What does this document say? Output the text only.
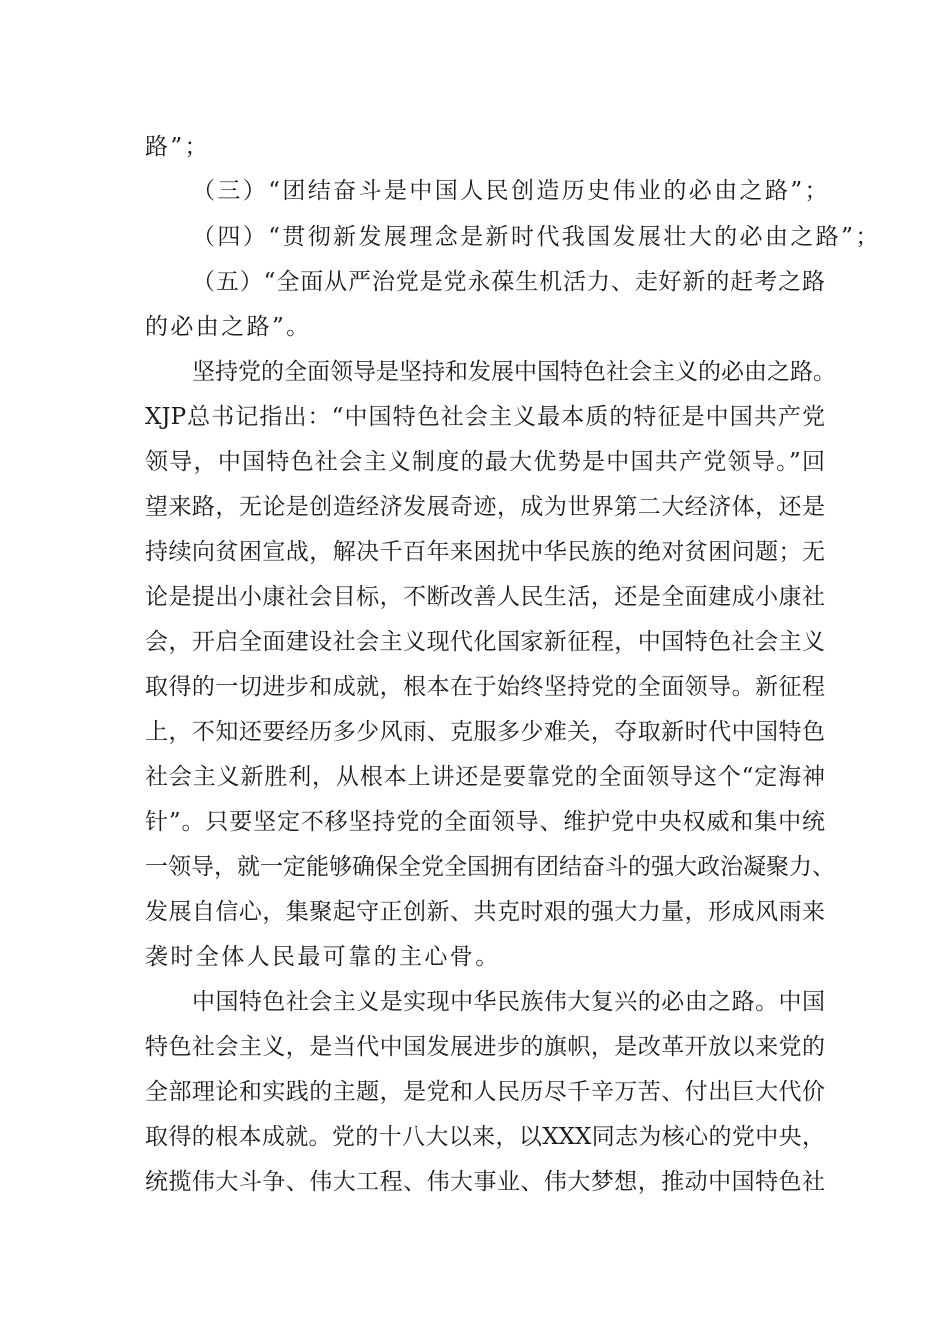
路”；
（三）“团结奋斗是中国人民创造历史伟业的必由之路”；
（四）“贯彻新发展理念是新时代我国发展壮大的必由之路”；
（五）“全面从严治党是党永葆生机活力、走好新的赶考之路
的必由之路”。
坚持党的全面领导是坚持和发展中国特色社会主义的必由之路。
XJP总书记指出：“中国特色社会主义最本质的特征是中国共产党
领导，中国特色社会主义制度的最大优势是中国共产党领导。”回
望来路，无论是创造经济发展奇迹，成为世界第二大经济体，还是
持续向贫困宣战，解决千百年来困扰中华民族的绝对贫困问题；无
论是提出小康社会目标，不断改善人民生活，还是全面建成小康社
会，开启全面建设社会主义现代化国家新征程，中国特色社会主义
取得的一切进步和成就，根本在于始终坚持党的全面领导。新征程
上，不知还要经历多少风雨、克服多少难关，夺取新时代中国特色
社会主义新胜利，从根本上讲还是要靠党的全面领导这个“定海神
针”。只要坚定不移坚持党的全面领导、维护党中央权威和集中统
一领导，就一定能够确保全党全国拥有团结奋斗的强大政治凝聚力、
发展自信心，集聚起守正创新、共克时艰的强大力量，形成风雨来
袭时全体人民最可靠的主心骨。
中国特色社会主义是实现中华民族伟大复兴的必由之路。中国
特色社会主义，是当代中国发展进步的旗帜，是改革开放以来党的
全部理论和实践的主题，是党和人民历尽千辛万苦、付出巨大代价
取得的根本成就。党的十八大以来，以XXX同志为核心的党中央，
统揽伟大斗争、伟大工程、伟大事业、伟大梦想，推动中国特色社
